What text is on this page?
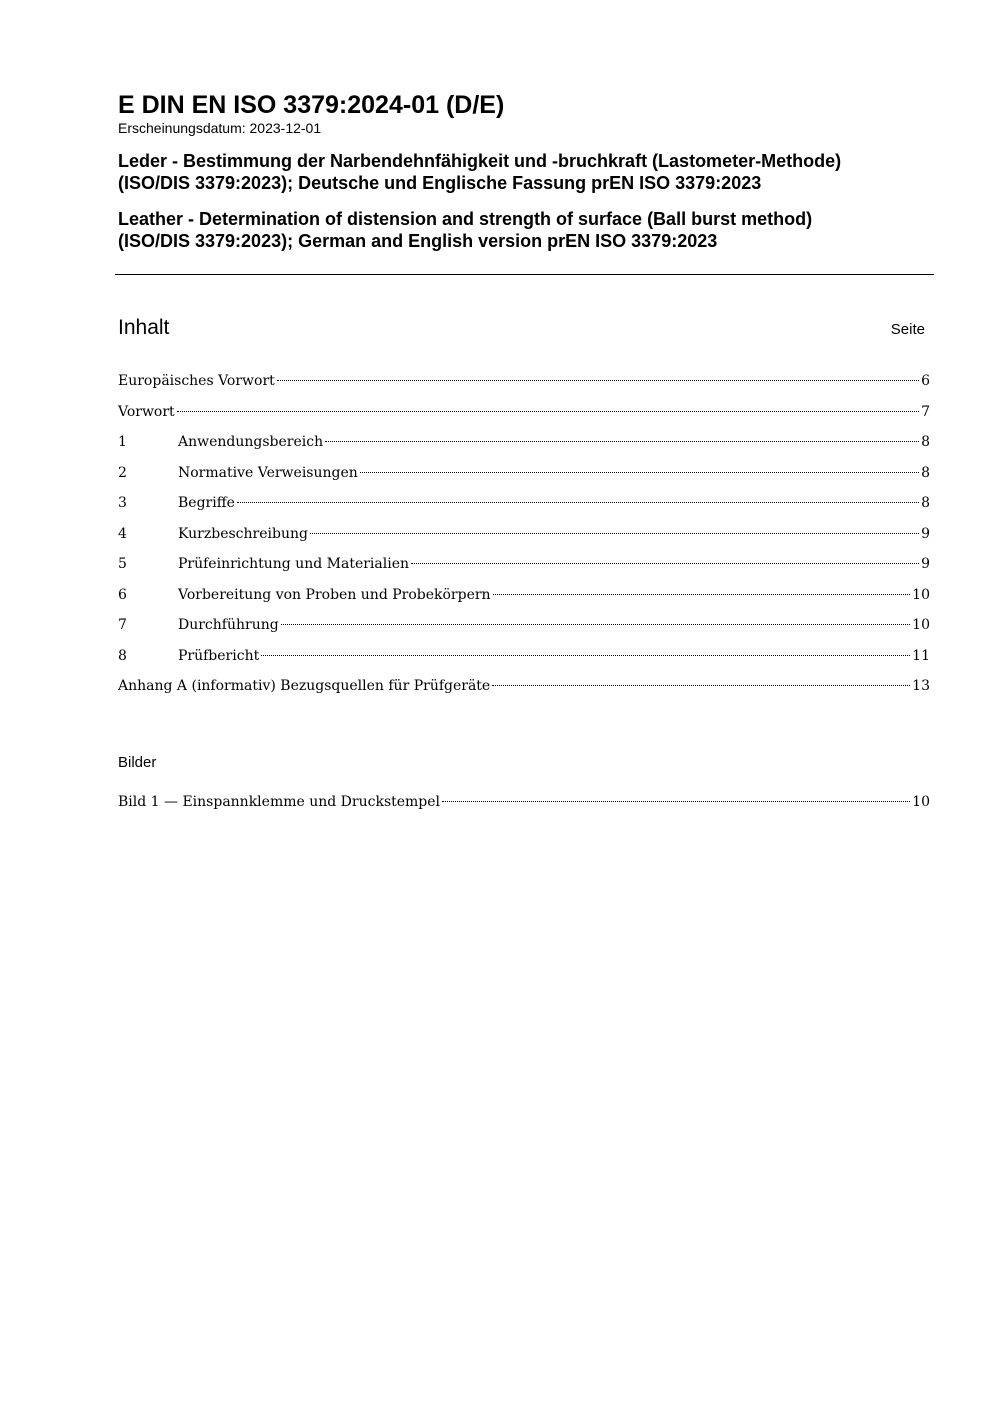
E DIN EN ISO 3379:2024-01 (D/E)

Erscheinungsdatum: 2023-12-01

Leder - Bestimmung der Narbendehnfähigkeit und -bruchkraft (Lastometer-Methode)
(ISO/DIS 3379:2023); Deutsche und Englische Fassung prEN ISO 3379:2023

Leather - Determination of distension and strength of surface (Ball burst method)
(ISO/DIS 3379:2023); German and English version prEN ISO 3379:2023

Inhalt	Seite
Europäisches Vorwort	6
Vorwort	7
1	Anwendungsbereich	8
2	Normative Verweisungen	8
3	Begriffe	8
4	Kurzbeschreibung	9
5	Prüfeinrichtung und Materialien	9
6	Vorbereitung von Proben und Probekörpern	10
7	Durchführung	10
8	Prüfbericht	11
Anhang A (informativ) Bezugsquellen für Prüfgeräte	13
Bilder
Bild 1 — Einspannklemme und Druckstempel	10
